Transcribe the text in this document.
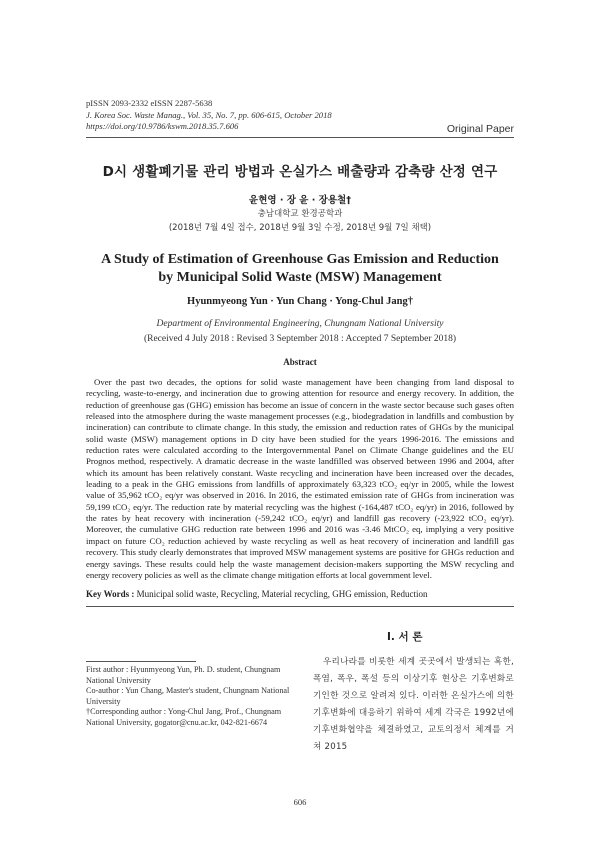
pISSN 2093-2332 eISSN 2287-5638
J. Korea Soc. Waste Manag., Vol. 35, No. 7, pp. 606-615, October 2018
https://doi.org/10.9786/kswm.2018.35.7.606	Original Paper
D시 생활폐기물 관리 방법과 온실가스 배출량과 감축량 산정 연구
윤현영 · 장 윤 · 장용철†
충남대학교 환경공학과
(2018년 7월 4일 접수, 2018년 9월 3일 수정, 2018년 9월 7일 채택)
A Study of Estimation of Greenhouse Gas Emission and Reduction
by Municipal Solid Waste (MSW) Management
Hyunmyeong Yun · Yun Chang · Yong-Chul Jang†
Department of Environmental Engineering, Chungnam National University
(Received 4 July 2018 : Revised 3 September 2018 : Accepted 7 September 2018)
Abstract

Over the past two decades, the options for solid waste management have been changing from land disposal to recycling, waste-to-energy, and incineration due to growing attention for resource and energy recovery. In addition, the reduction of greenhouse gas (GHG) emission has become an issue of concern in the waste sector because such gases often released into the atmosphere during the waste management processes (e.g., biodegradation in landfills and combustion by incineration) can contribute to climate change. In this study, the emission and reduction rates of GHGs by the municipal solid waste (MSW) management options in D city have been studied for the years 1996-2016. The emissions and reduction rates were calculated according to the Intergovernmental Panel on Climate Change guidelines and the EU Prognos method, respectively. A dramatic decrease in the waste landfilled was observed between 1996 and 2004, after which its amount has been relatively constant. Waste recycling and incineration have been increased over the decades, leading to a peak in the GHG emissions from landfills of approximately 63,323 tCO₂ eq/yr in 2005, while the lowest value of 35,962 tCO₂ eq/yr was observed in 2016. In 2016, the estimated emission rate of GHGs from incineration was 59,199 tCO₂ eq/yr. The reduction rate by material recycling was the highest (-164,487 tCO₂ eq/yr) in 2016, followed by the rates by heat recovery with incineration (-59,242 tCO₂ eq/yr) and landfill gas recovery (-23,922 tCO₂ eq/yr). Moreover, the cumulative GHG reduction rate between 1996 and 2016 was -3.46 MtCO₂ eq, implying a very positive impact on future CO₂ reduction achieved by waste recycling as well as heat recovery of incineration and landfill gas recovery. This study clearly demonstrates that improved MSW management systems are positive for GHGs reduction and energy savings. These results could help the waste management decision-makers supporting the MSW recycling and energy recovery policies as well as the climate change mitigation efforts at local government level.

Key Words : Municipal solid waste, Recycling, Material recycling, GHG emission, Reduction

I. 서 론

우리나라를 비롯한 세계 곳곳에서 발생되는 혹한, 폭염, 폭우, 폭설 등의 이상기후 현상은 기후변화로 기인한 것으로 알려져 있다. 이러한 온실가스에 의한 기후변화에 대응하기 위하여 세계 각국은 1992년에 기후변화협약을 체결하였고, 교토의정서 체계를 거쳐 2015

First author : Hyunmyeong Yun, Ph. D. student, Chungnam National University

Co-author : Yun Chang, Master's student, Chungnam National University

†Corresponding author : Yong-Chul Jang, Prof., Chungnam National University, gogator@cnu.ac.kr, 042-821-6674

606
